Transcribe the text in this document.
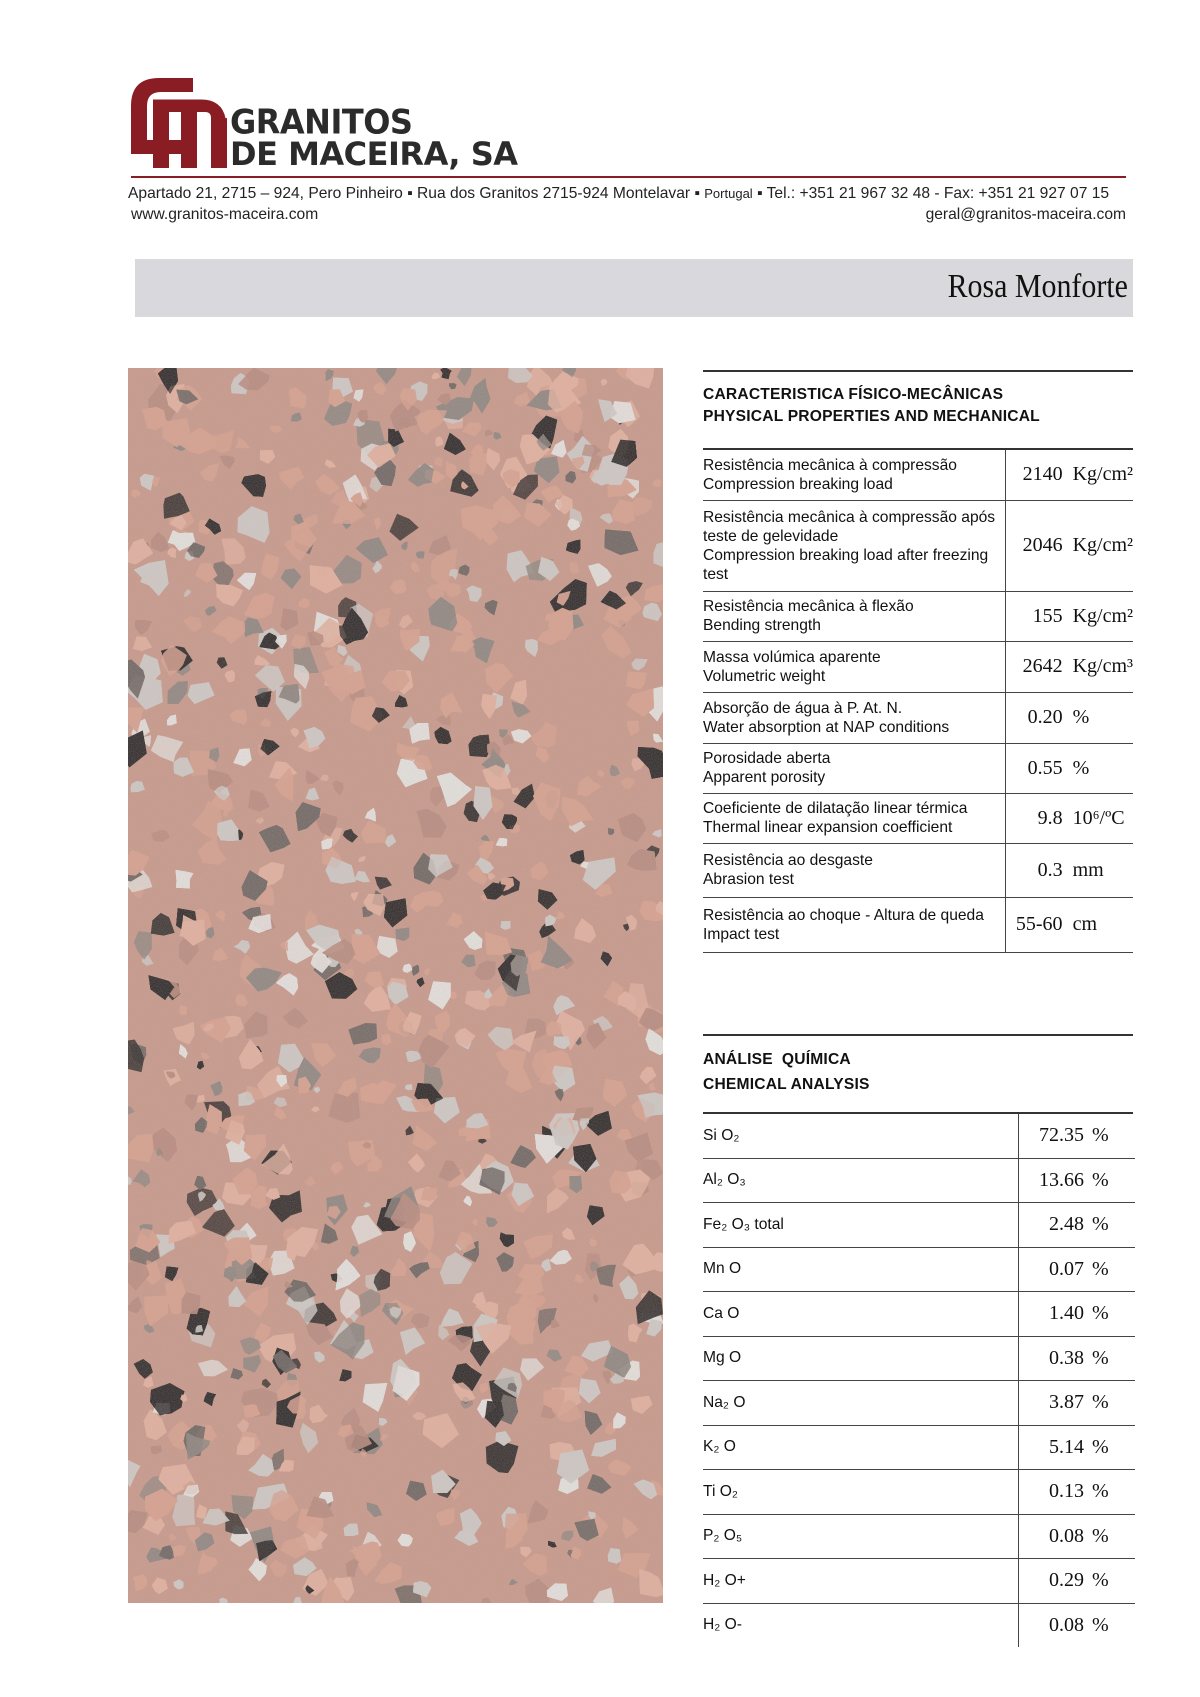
GRANITOS
DE MACEIRA, SA
Apartado 21, 2715 – 924, Pero Pinheiro ▪ Rua dos Granitos 2715-924 Montelavar ▪ Portugal ▪ Tel.: +351 21 967 32 48 - Fax: +351 21 927 07 15
www.granitos-maceira.com	geral@granitos-maceira.com
Rosa Monforte
CARACTERISTICA FÍSICO-MECÂNICAS
PHYSICAL PROPERTIES AND MECHANICAL
Resistência mecânica à compressão
Compression breaking load	2140 Kg/cm²

Resistência mecânica à compressão após teste de gelevidade
Compression breaking load after freezing test	2046 Kg/cm²

Resistência mecânica à flexão
Bending strength	155 Kg/cm²

Massa volúmica aparente
Volumetric weight	2642 Kg/cm³

Absorção de água à P. At. N.
Water absorption at NAP conditions	0.20 %

Porosidade aberta
Apparent porosity	0.55 %

Coeficiente de dilatação linear térmica
Thermal linear expansion coefficient	9.8 10⁶/ºC

Resistência ao desgaste
Abrasion test	0.3 mm

Resistência ao choque - Altura de queda
Impact test	55-60 cm
ANÁLISE  QUÍMICA
CHEMICAL ANALYSIS
Si O₂	72.35 %
Al₂ O₃	13.66 %
Fe₂ O₃ total	2.48 %
Mn O	0.07 %
Ca O	1.40 %
Mg O	0.38 %
Na₂ O	3.87 %
K₂ O	5.14 %
Ti O₂	0.13 %
P₂ O₅	0.08 %
H₂ O+	0.29 %
H₂ O-	0.08 %
